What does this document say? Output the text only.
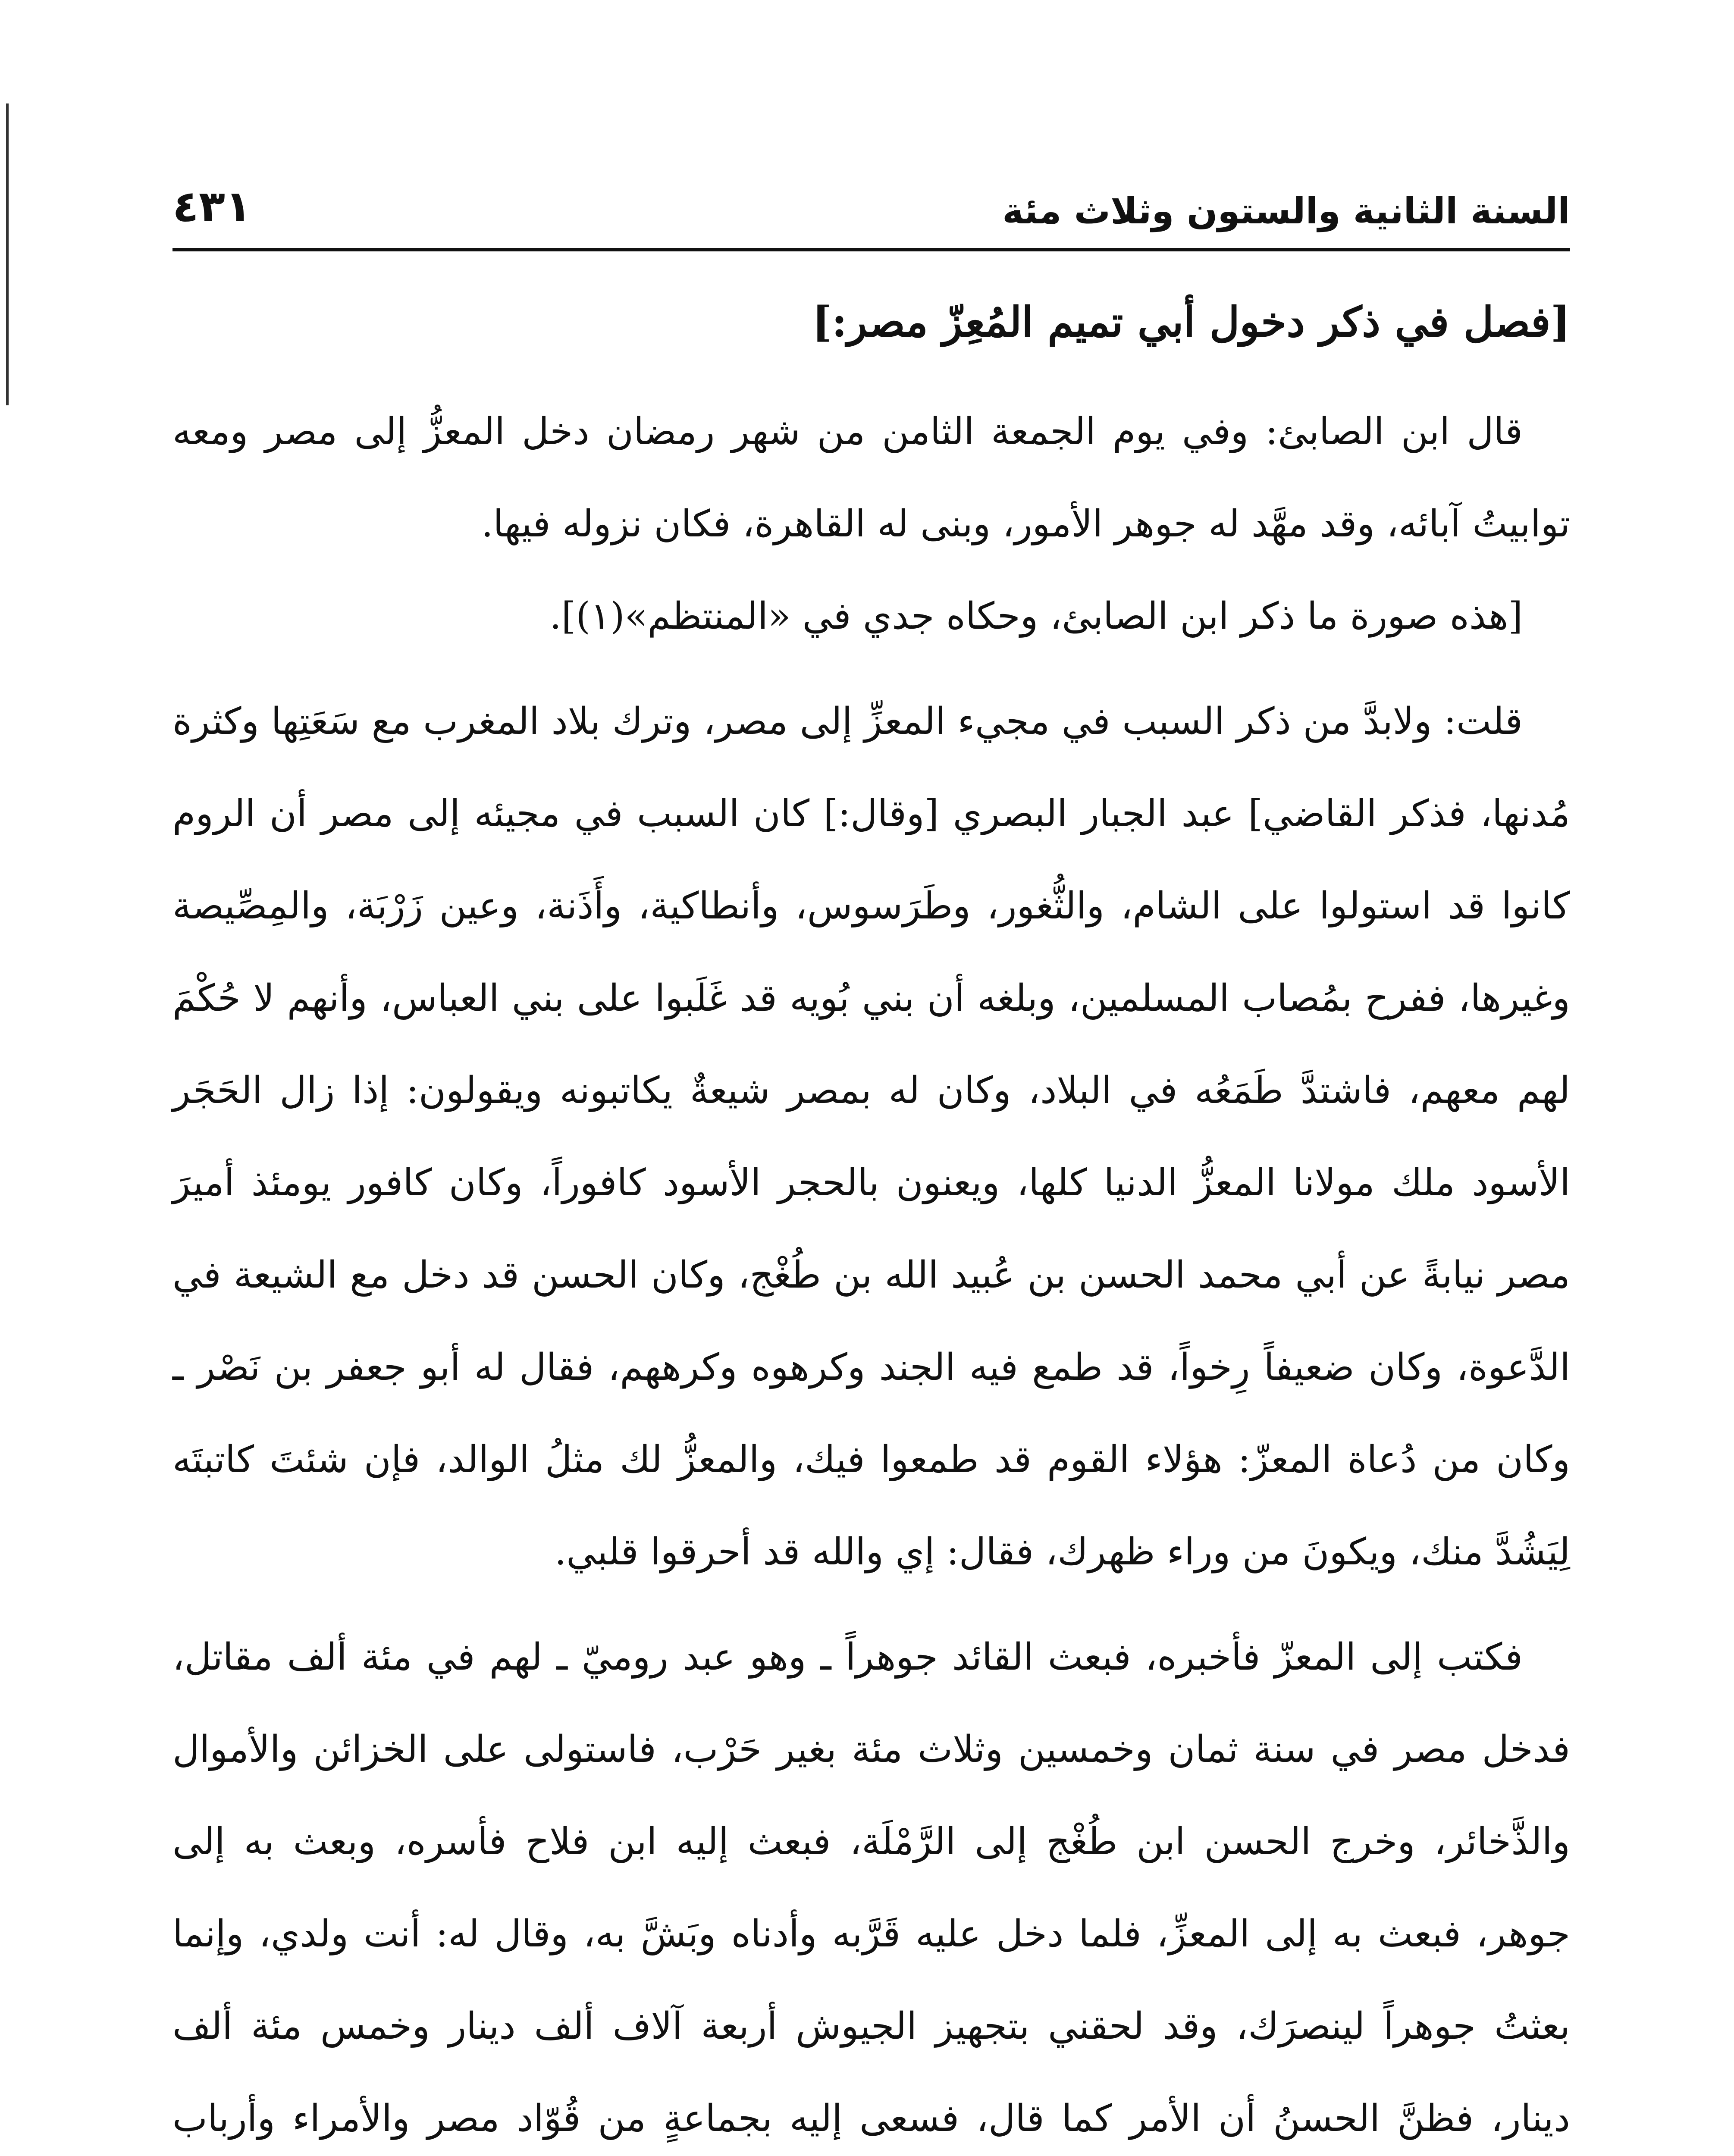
السنة الثانية والستون وثلاث مئة
٤٣١

[فصل في ذكر دخول أبي تميم المُعِزّ مصر:]

قال ابن الصابئ: وفي يوم الجمعة الثامن من شهر رمضان دخل المعزُّ إلى مصر ومعه توابيتُ آبائه، وقد مهَّد له جوهر الأمور، وبنى له القاهرة، فكان نزوله فيها.

[هذه صورة ما ذكر ابن الصابئ، وحكاه جدي في «المنتظم»(١)].

قلت: ولابدَّ من ذكر السبب في مجيء المعزِّ إلى مصر، وترك بلاد المغرب مع سَعَتِها وكثرة مُدنها، فذكر القاضي] عبد الجبار البصري [وقال:] كان السبب في مجيئه إلى مصر أن الروم كانوا قد استولوا على الشام، والثُّغور، وطَرَسوس، وأنطاكية، وأَذَنة، وعين زَرْبَة، والمِصِّيصة وغيرها، ففرح بمُصاب المسلمين، وبلغه أن بني بُويه قد غَلَبوا على بني العباس، وأنهم لا حُكْمَ لهم معهم، فاشتدَّ طَمَعُه في البلاد، وكان له بمصر شيعةٌ يكاتبونه ويقولون: إذا زال الحَجَر الأسود ملك مولانا المعزُّ الدنيا كلها، ويعنون بالحجر الأسود كافوراً، وكان كافور يومئذ أميرَ مصر نيابةً عن أبي محمد الحسن بن عُبيد الله بن طُغْج، وكان الحسن قد دخل مع الشيعة في الدَّعوة، وكان ضعيفاً رِخواً، قد طمع فيه الجند وكرهوه وكرههم، فقال له أبو جعفر بن نَصْر ـ وكان من دُعاة المعزّ: هؤلاء القوم قد طمعوا فيك، والمعزُّ لك مثلُ الوالد، فإن شئتَ كاتبتَه لِيَشُدَّ منك، ويكونَ من وراء ظهرك، فقال: إي والله قد أحرقوا قلبي.

فكتب إلى المعزّ فأخبره، فبعث القائد جوهراً ـ وهو عبد روميّ ـ لهم في مئة ألف مقاتل، فدخل مصر في سنة ثمان وخمسين وثلاث مئة بغير حَرْب، فاستولى على الخزائن والأموال والذَّخائر، وخرج الحسن ابن طُغْج إلى الرَّمْلَة، فبعث إليه ابن فلاح فأسره، وبعث به إلى جوهر، فبعث به إلى المعزِّ، فلما دخل عليه قَرَّبه وأدناه وبَشَّ به، وقال له: أنت ولدي، وإنما بعثتُ جوهراً لينصرَك، وقد لحقني بتجهيز الجيوش أربعة آلاف ألف دينار وخمس مئة ألف دينار، فظنَّ الحسنُ أن الأمر كما قال، فسعى إليه بجماعةٍ من قُوّاد مصر والأمراء وأرباب
